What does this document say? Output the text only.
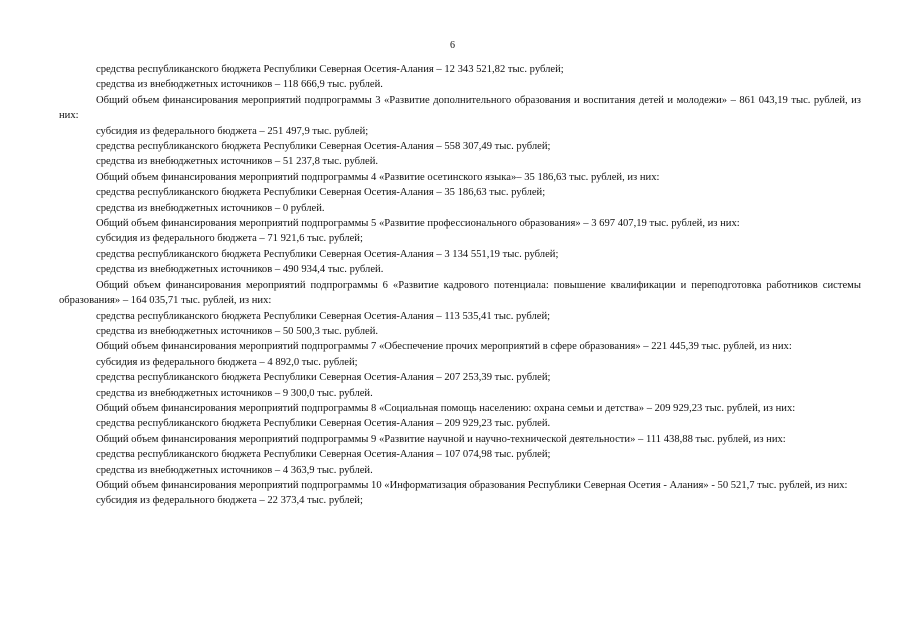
6

средства республиканского бюджета Республики Северная Осетия-Алания – 12 343 521,82 тыс. рублей;

средства из внебюджетных источников – 118 666,9 тыс. рублей.

Общий объем финансирования мероприятий подпрограммы 3 «Развитие дополнительного образования и воспитания детей и молодежи» – 861 043,19 тыс. рублей, из них:

субсидия из федерального бюджета – 251 497,9 тыс. рублей;

средства республиканского бюджета Республики Северная Осетия-Алания – 558 307,49 тыс. рублей;

средства из внебюджетных источников – 51 237,8 тыс. рублей.

Общий объем финансирования мероприятий подпрограммы 4 «Развитие осетинского языка»– 35 186,63 тыс. рублей, из них:

средства республиканского бюджета Республики Северная Осетия-Алания – 35 186,63 тыс. рублей;

средства из внебюджетных источников – 0 рублей.

Общий объем финансирования мероприятий подпрограммы 5 «Развитие профессионального образования» – 3 697 407,19 тыс. рублей, из них:

субсидия из федерального бюджета – 71 921,6 тыс. рублей;

средства республиканского бюджета Республики Северная Осетия-Алания – 3 134 551,19 тыс. рублей;

средства из внебюджетных источников – 490 934,4 тыс. рублей.

Общий объем финансирования мероприятий подпрограммы 6 «Развитие кадрового потенциала: повышение квалификации и переподготовка работников системы образования» – 164 035,71 тыс. рублей, из них:

средства республиканского бюджета Республики Северная Осетия-Алания – 113 535,41 тыс. рублей;

средства из внебюджетных источников – 50 500,3 тыс. рублей.

Общий объем финансирования мероприятий подпрограммы 7 «Обеспечение прочих мероприятий в сфере образования» – 221 445,39 тыс. рублей, из них:

субсидия из федерального бюджета – 4 892,0 тыс. рублей;

средства республиканского бюджета Республики Северная Осетия-Алания – 207 253,39 тыс. рублей;

средства из внебюджетных источников – 9 300,0 тыс. рублей.

Общий объем финансирования мероприятий подпрограммы 8 «Социальная помощь населению: охрана семьи и детства» – 209 929,23 тыс. рублей, из них:

средства республиканского бюджета Республики Северная Осетия-Алания – 209 929,23 тыс. рублей.

Общий объем финансирования мероприятий подпрограммы 9 «Развитие научной и научно-технической деятельности» – 111 438,88 тыс. рублей, из них:

средства республиканского бюджета Республики Северная Осетия-Алания – 107 074,98 тыс. рублей;

средства из внебюджетных источников – 4 363,9 тыс. рублей.

Общий объем финансирования мероприятий подпрограммы 10 «Информатизация образования Республики Северная Осетия - Алания» - 50 521,7 тыс. рублей, из них:

субсидия из федерального бюджета – 22 373,4 тыс. рублей;
